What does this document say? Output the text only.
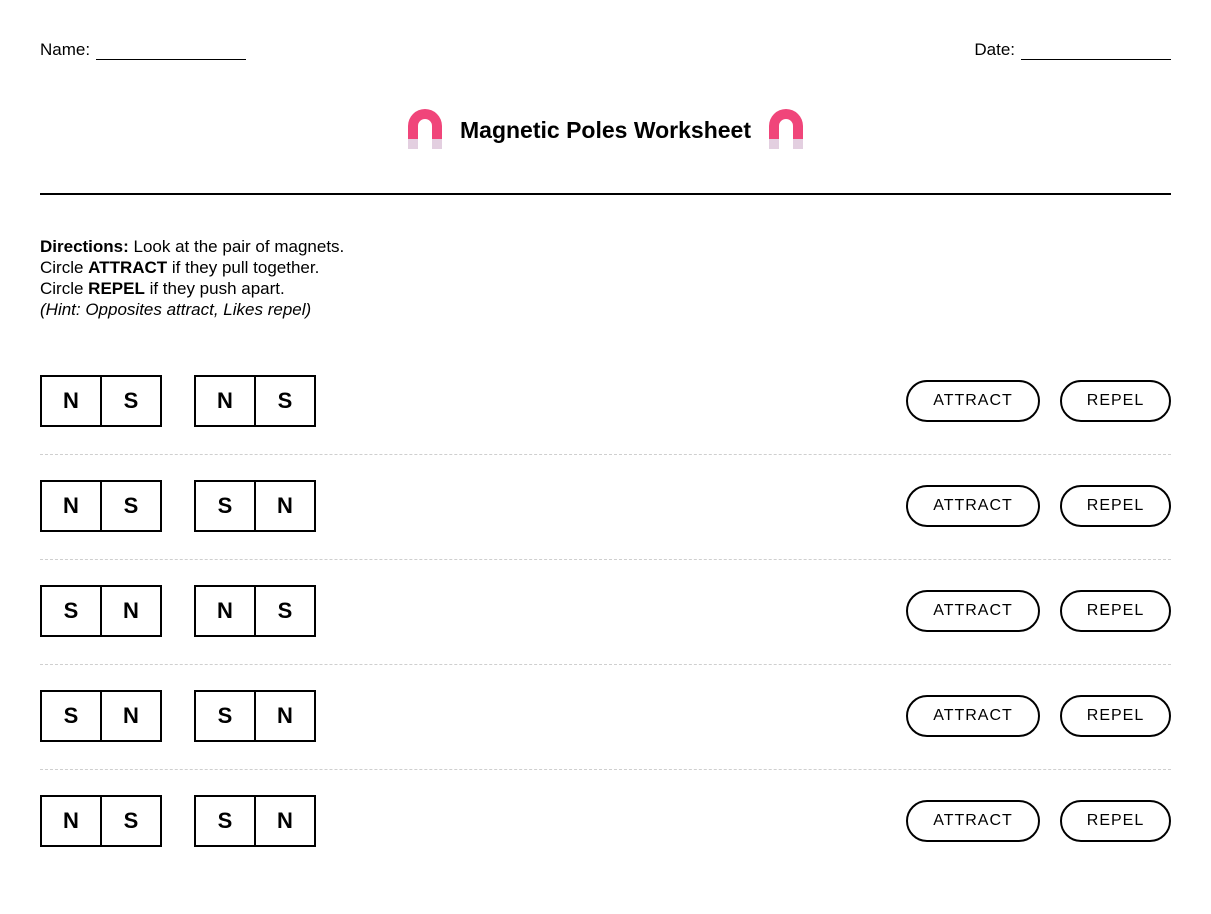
Name:	Date:
Magnetic Poles Worksheet
Directions: Look at the pair of magnets.
Circle ATTRACT if they pull together.
Circle REPEL if they push apart.
(Hint: Opposites attract, Likes repel)
N	S	N	S	ATTRACT	REPEL
N	S	S	N	ATTRACT	REPEL
S	N	N	S	ATTRACT	REPEL
S	N	S	N	ATTRACT	REPEL
N	S	S	N	ATTRACT	REPEL
